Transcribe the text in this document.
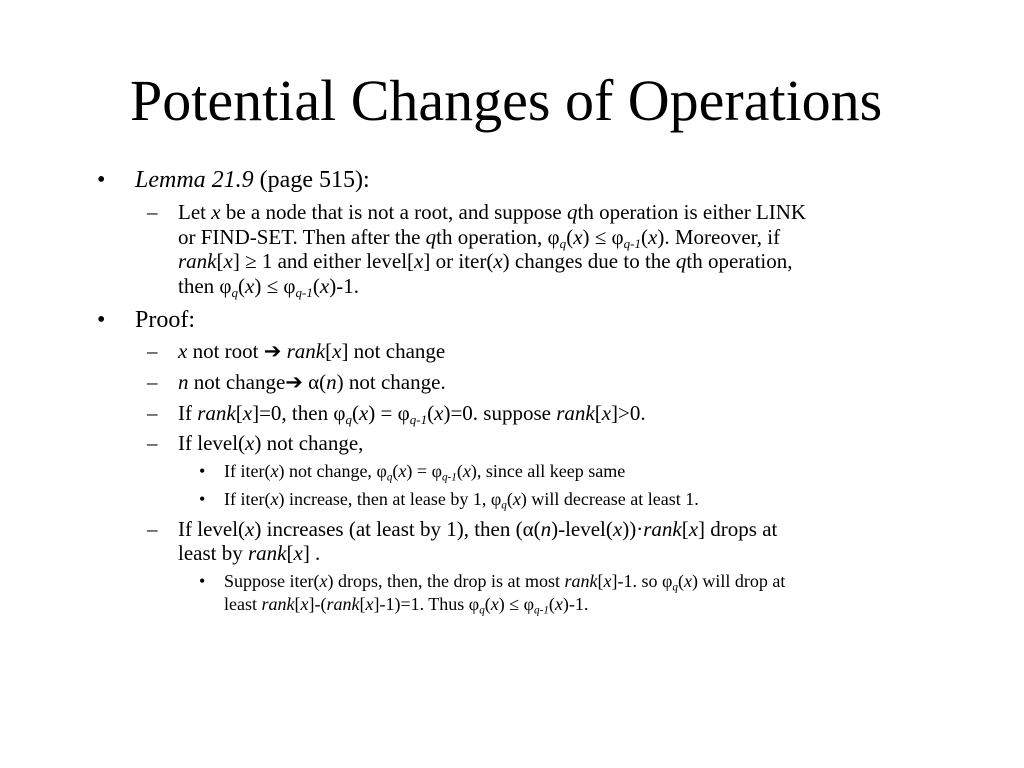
Potential Changes of Operations
• Lemma 21.9 (page 515):
– Let x be a node that is not a root, and suppose qth operation is either LINK
or FIND-SET. Then after the qth operation, $\varphi_q(x) \le \varphi_{q-1}(x)$. Moreover, if
rank[x] ≥ 1 and either level[x] or iter(x) changes due to the qth operation,
then $\varphi_q(x) \le \varphi_{q-1}(x)-1$.
• Proof:
– x not root ➔ rank[x] not change
– n not change➔ α(n) not change.
– If rank[x]=0, then $\varphi_q(x) = \varphi_{q-1}(x)=0$. suppose rank[x]>0.
– If level(x) not change,
• If iter(x) not change, $\varphi_q(x) = \varphi_{q-1}(x)$, since all keep same
• If iter(x) increase, then at lease by 1, $\varphi_q(x)$ will decrease at least 1.
– If level(x) increases (at least by 1), then (α(n)-level(x))·rank[x] drops at
least by rank[x] .
• Suppose iter(x) drops, then, the drop is at most rank[x]-1. so $\varphi_q(x)$ will drop at
least rank[x]-(rank[x]-1)=1. Thus $\varphi_q(x) \le \varphi_{q-1}(x)-1$.
